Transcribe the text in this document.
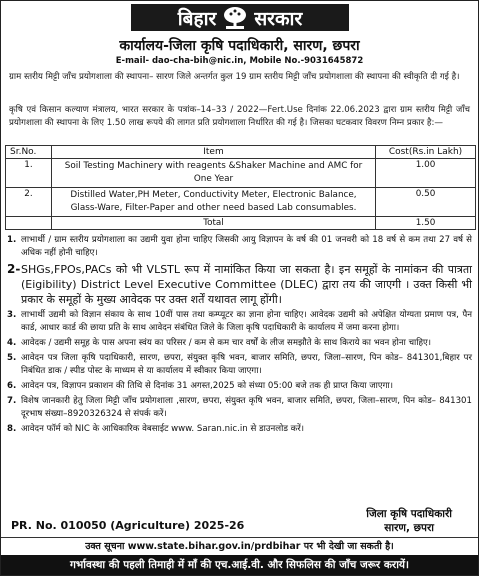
बिहार सरकार
कार्यालय-जिला कृषि पदाधिकारी, सारण, छपरा
E-mail- dao-cha-bih@nic.in, Mobile No.-9031645872
ग्राम स्तरीय मिट्टी जाँच प्रयोगशाला की स्थापना– सारण जिले अन्तर्गत कुल 19 ग्राम स्तरीय मिट्टी जाँच प्रयोगशाला की स्थापना की स्वीकृति दी गई है।
कृषि एवं किसान कल्याण मंत्रालय, भारत सरकार के पत्रांक–14–33 / 2022—Fert.Use दिनांक 22.06.2023 द्वारा ग्राम स्तरीय मिट्टी जाँच प्रयोगशाला की स्थापना के लिए 1.50 लाख रूपये की लागत प्रति प्रयोगशाला निर्धारित की गई है। जिसका घटकवार विवरण निम्न प्रकार है:—
Sr.No.	Item	Cost(Rs.in Lakh)
1.	Soil Testing Machinery with reagents &Shaker Machine and AMC for One Year	1.00
2.	Distilled Water,PH Meter, Conductivity Meter, Electronic Balance, Glass-Ware, Filter-Paper and other need based Lab consumables.	0.50
	Total	1.50
1. लाभार्थी / ग्राम स्तरीय प्रयोगशाला का उद्यमी युवा होना चाहिए जिसकी आयु विज्ञापन के वर्ष की 01 जनवरी को 18 वर्ष से कम तथा 27 वर्ष से अधिक नहीं होनी चाहिए।
2- SHGs,FPOs,PACs को भी VLSTL रूप में नामांकित किया जा सकता है। इन समूहों के नामांकन की पात्रता (Eigibility) District Level Executive Committee (DLEC) द्वारा तय की जाएगी । उक्त किसी भी प्रकार के समूहों के मुख्य आवेदक पर उक्त शर्तें यथावत लागू होंगी।
3. लाभार्थी उद्यमी को विज्ञान संकाय के साथ 10वीं पास तथा कम्प्यूटर का ज्ञाना होना चाहिए। आवेदक उद्यमी को अपेक्षित योग्यता प्रमाण पत्र, पैन कार्ड, आधार कार्ड की छाया प्रति के साथ आवेदन संबंधित जिले के जिला कृषि पदाधिकारी के कार्यालय में जमा करना होगा।
4. आवेदक / उद्यमी समूह के पास अपना स्वंय का परिसर / कम से कम चार वर्षों के लीज समझौते के साथ किराये का भवन होना चाहिए।
5. आवेदन पत्र जिला कृषि पदाधिकारी, सारण, छपरा, संयुक्त कृषि भवन, बाजार समिति, छपरा, जिला–सारण, पिन कोड– 841301,बिहार पर निबंधित डाक / स्पीड पोस्ट के माध्यम से या कार्यालय में स्वीकार किया जाएगा।
6. आवेदन पत्र, विज्ञापन प्रकाशन की तिथि से दिनांक 31 अगस्त,2025 को संध्या 05:00 बजे तक ही प्राप्त किया जाएगा।
7. विशेष जानकारी हेतु जिला मिट्टी जाँच प्रयोगशाला ,सारण, छपरा, संयुक्त कृषि भवन, बाजार समिति, छपरा, जिला–सारण, पिन कोड– 841301 दूरभाष संख्या–8920326324 से संपर्क करें।
8. आवेदन फॉर्म को NIC के आधिकारिक वेबसाईट www. Saran.nic.in से डाउनलोड करें।
जिला कृषि पदाधिकारी
सारण, छपरा
PR. No. 010050 (Agriculture) 2025-26
उक्त सूचना www.state.bihar.gov.in/prdbihar पर भी देखी जा सकती है।
गर्भावस्था की पहली तिमाही में माँ की एच.आई.वी. और सिफलिस की जाँच जरूर करायें।
